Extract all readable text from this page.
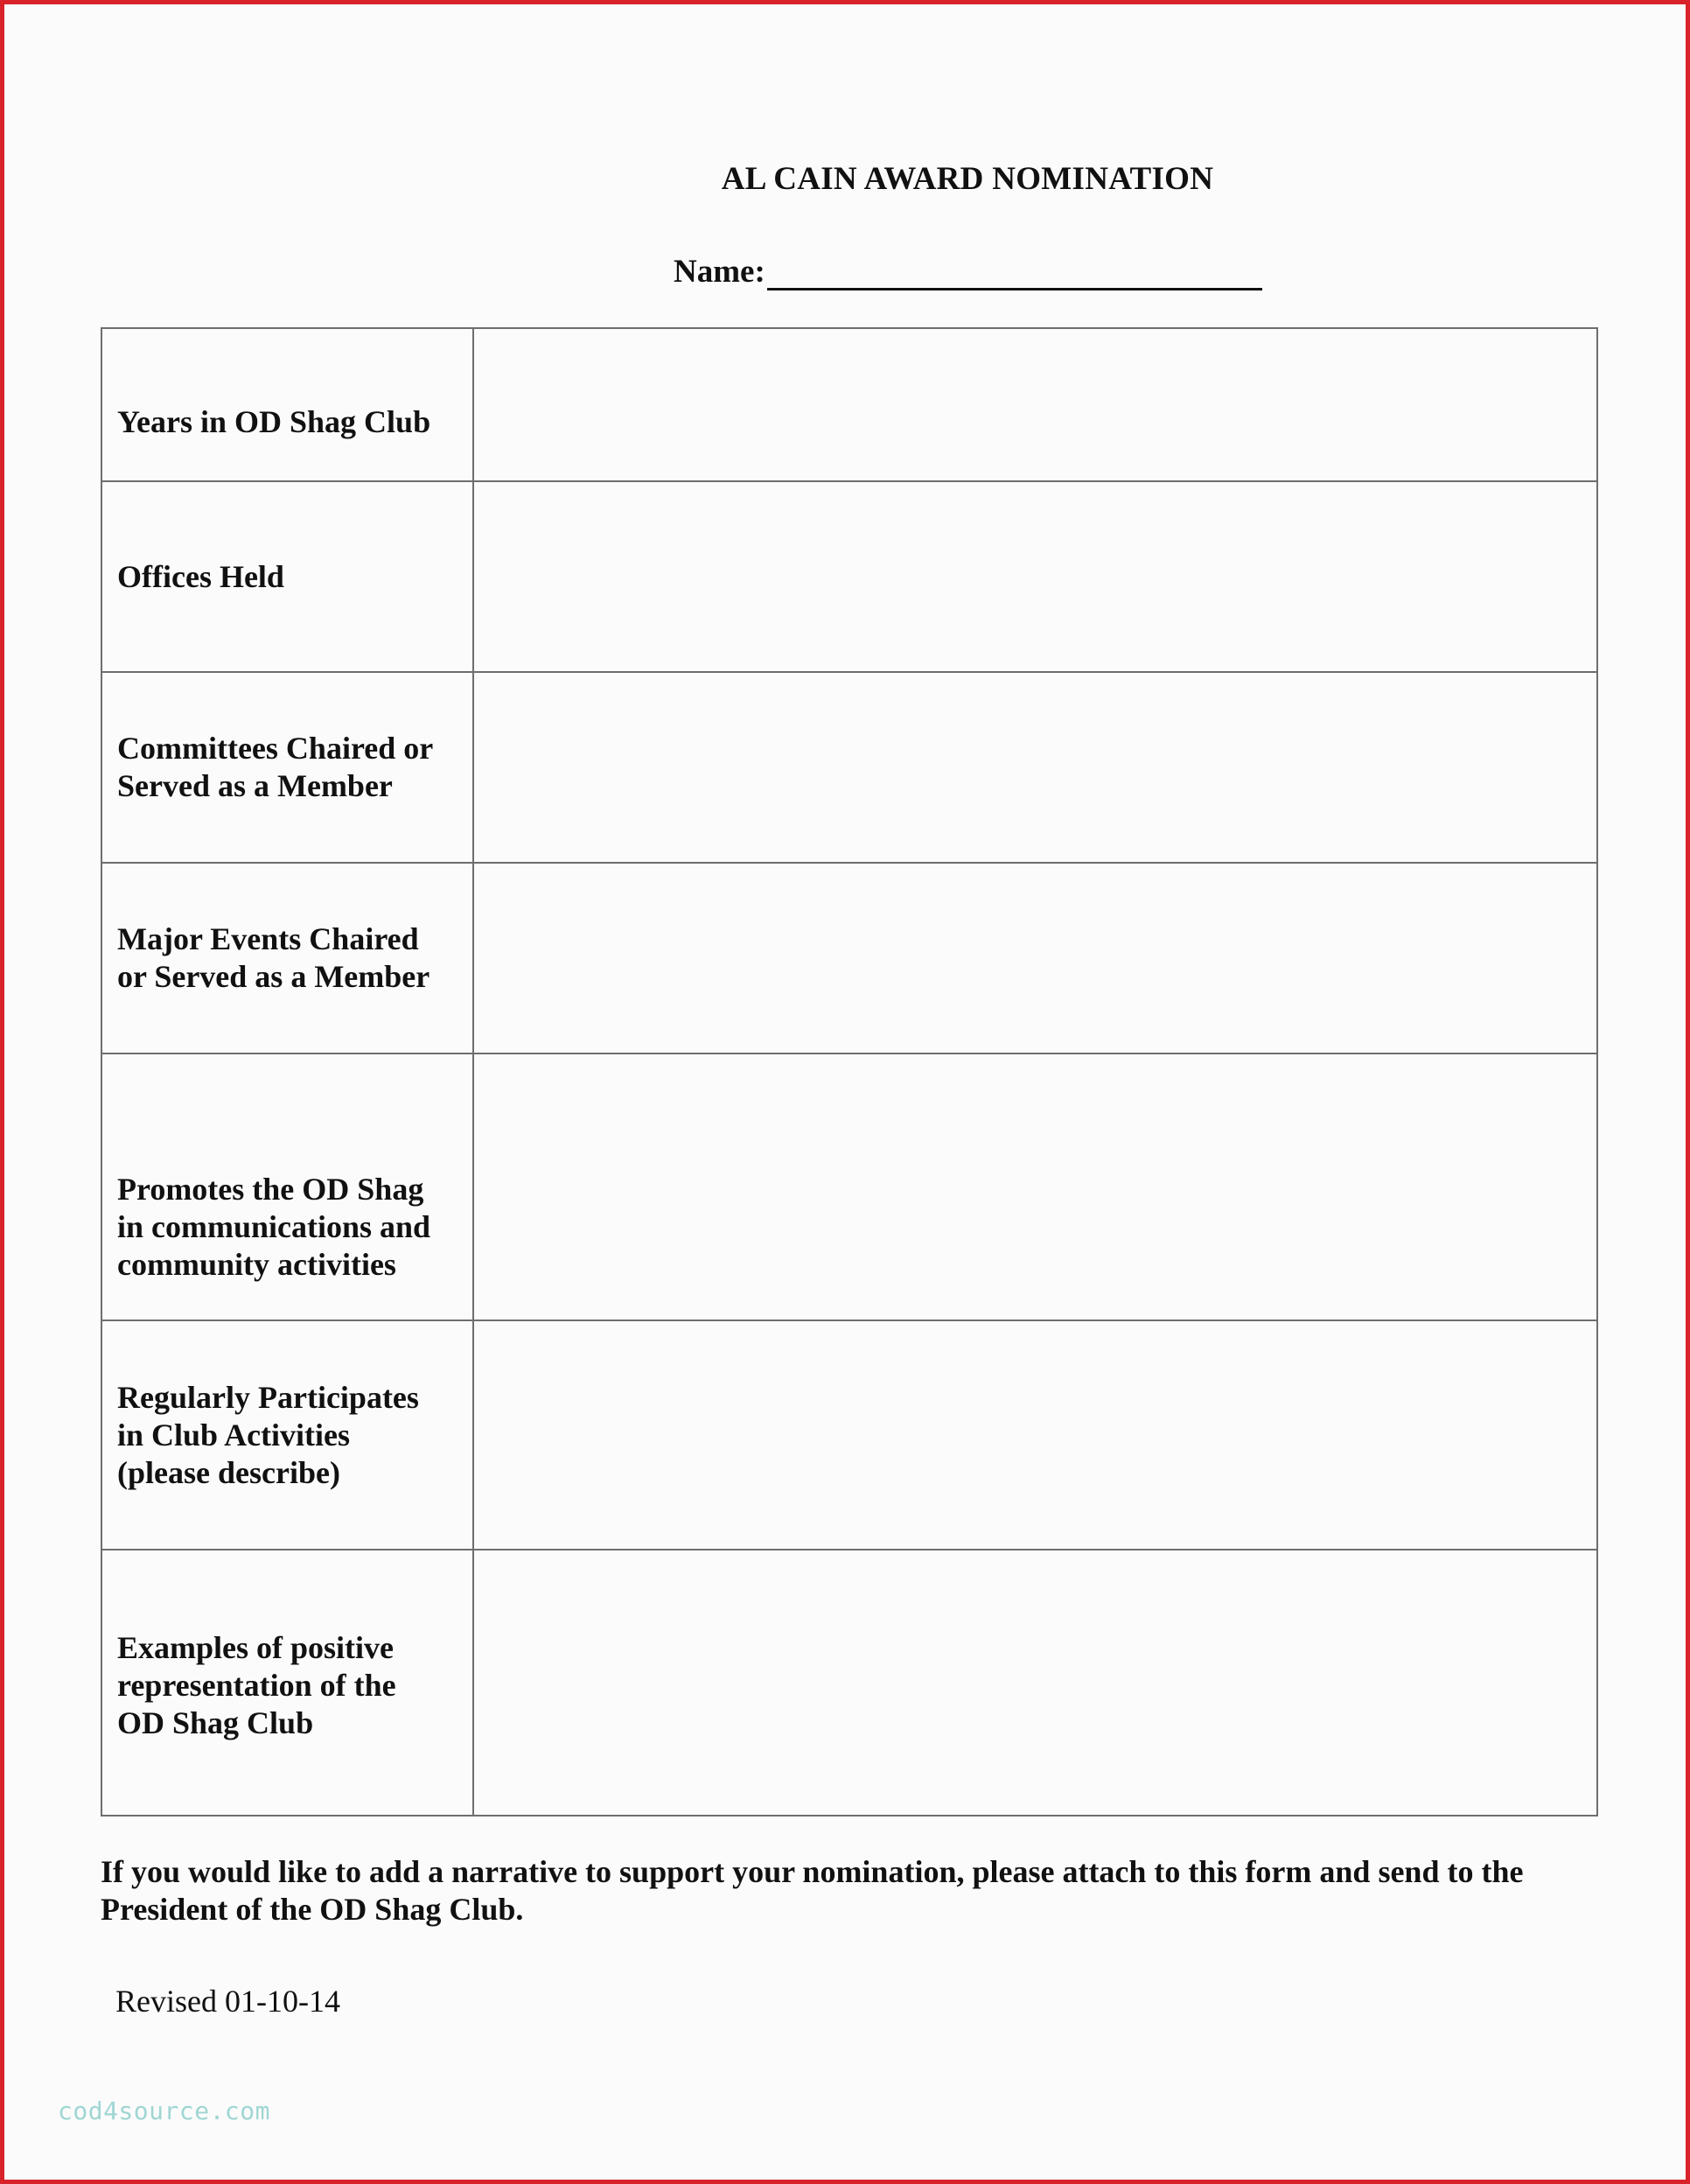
AL CAIN AWARD NOMINATION
Name:
Years in OD Shag Club	

Offices Held	

Committees Chaired or
Served as a Member	

Major Events Chaired
or Served as a Member	

Promotes the OD Shag
in communications and
community activities	

Regularly Participates
in Club Activities
(please describe)	

Examples of positive
representation of the
OD Shag Club	

If you would like to add a narrative to support your nomination, please attach to this form and send to the President of the OD Shag Club.
Revised 01-10-14
cod4source.com
